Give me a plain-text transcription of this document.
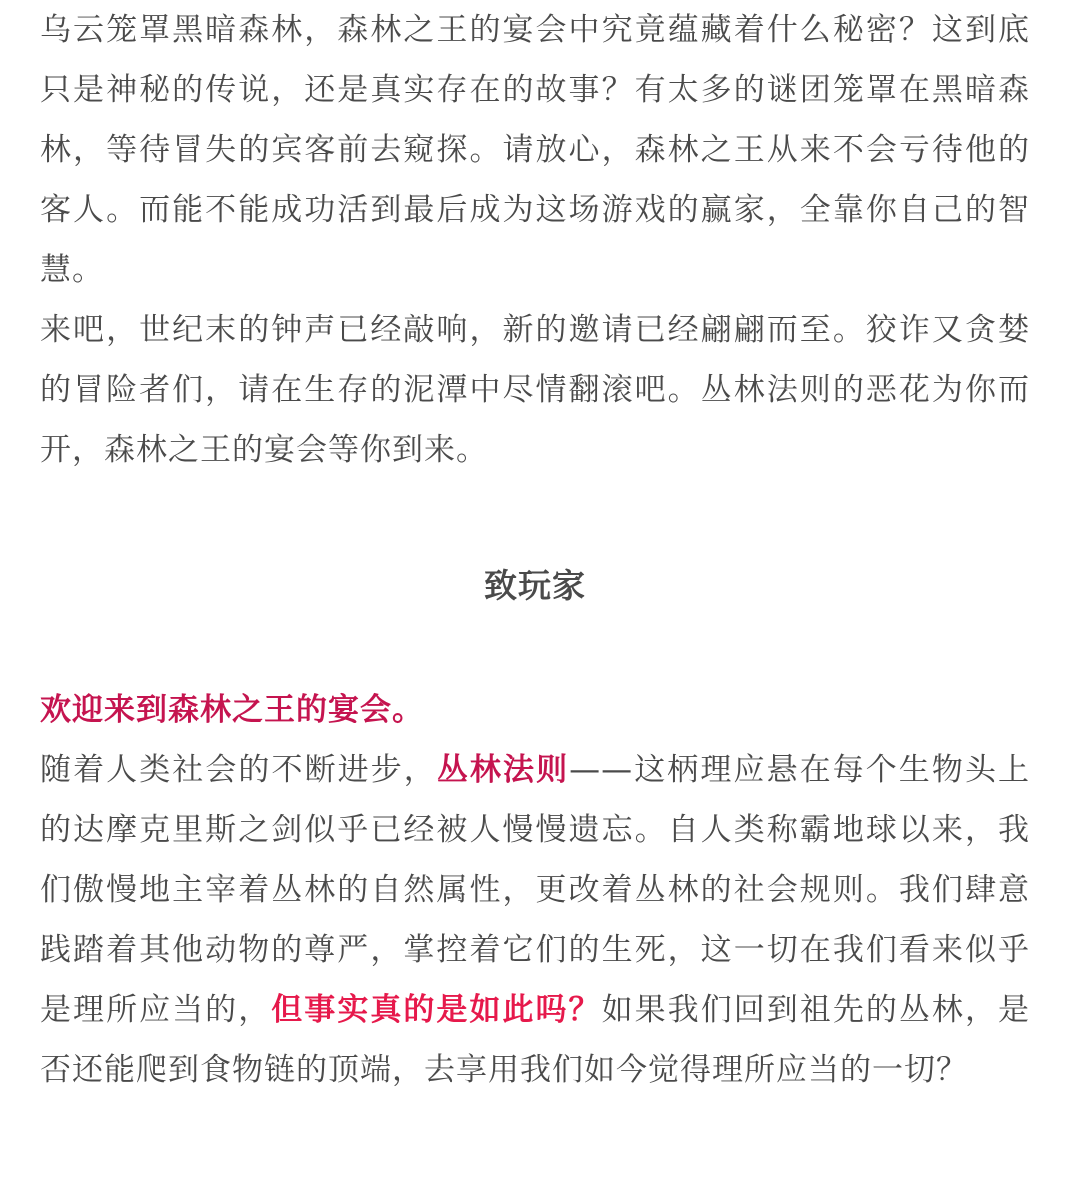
乌云笼罩黑暗森林，森林之王的宴会中究竟蕴藏着什么秘密？这到底只是神秘的传说，还是真实存在的故事？有太多的谜团笼罩在黑暗森林，等待冒失的宾客前去窥探。请放心，森林之王从来不会亏待他的客人。而能不能成功活到最后成为这场游戏的赢家，全靠你自己的智慧。

来吧，世纪末的钟声已经敲响，新的邀请已经翩翩而至。狡诈又贪婪的冒险者们，请在生存的泥潭中尽情翻滚吧。丛林法则的恶花为你而开，森林之王的宴会等你到来。

致玩家

欢迎来到森林之王的宴会。

随着人类社会的不断进步，丛林法则——这柄理应悬在每个生物头上的达摩克里斯之剑似乎已经被人慢慢遗忘。自人类称霸地球以来，我们傲慢地主宰着丛林的自然属性，更改着丛林的社会规则。我们肆意践踏着其他动物的尊严，掌控着它们的生死，这一切在我们看来似乎是理所应当的，但事实真的是如此吗？如果我们回到祖先的丛林，是否还能爬到食物链的顶端，去享用我们如今觉得理所应当的一切？
